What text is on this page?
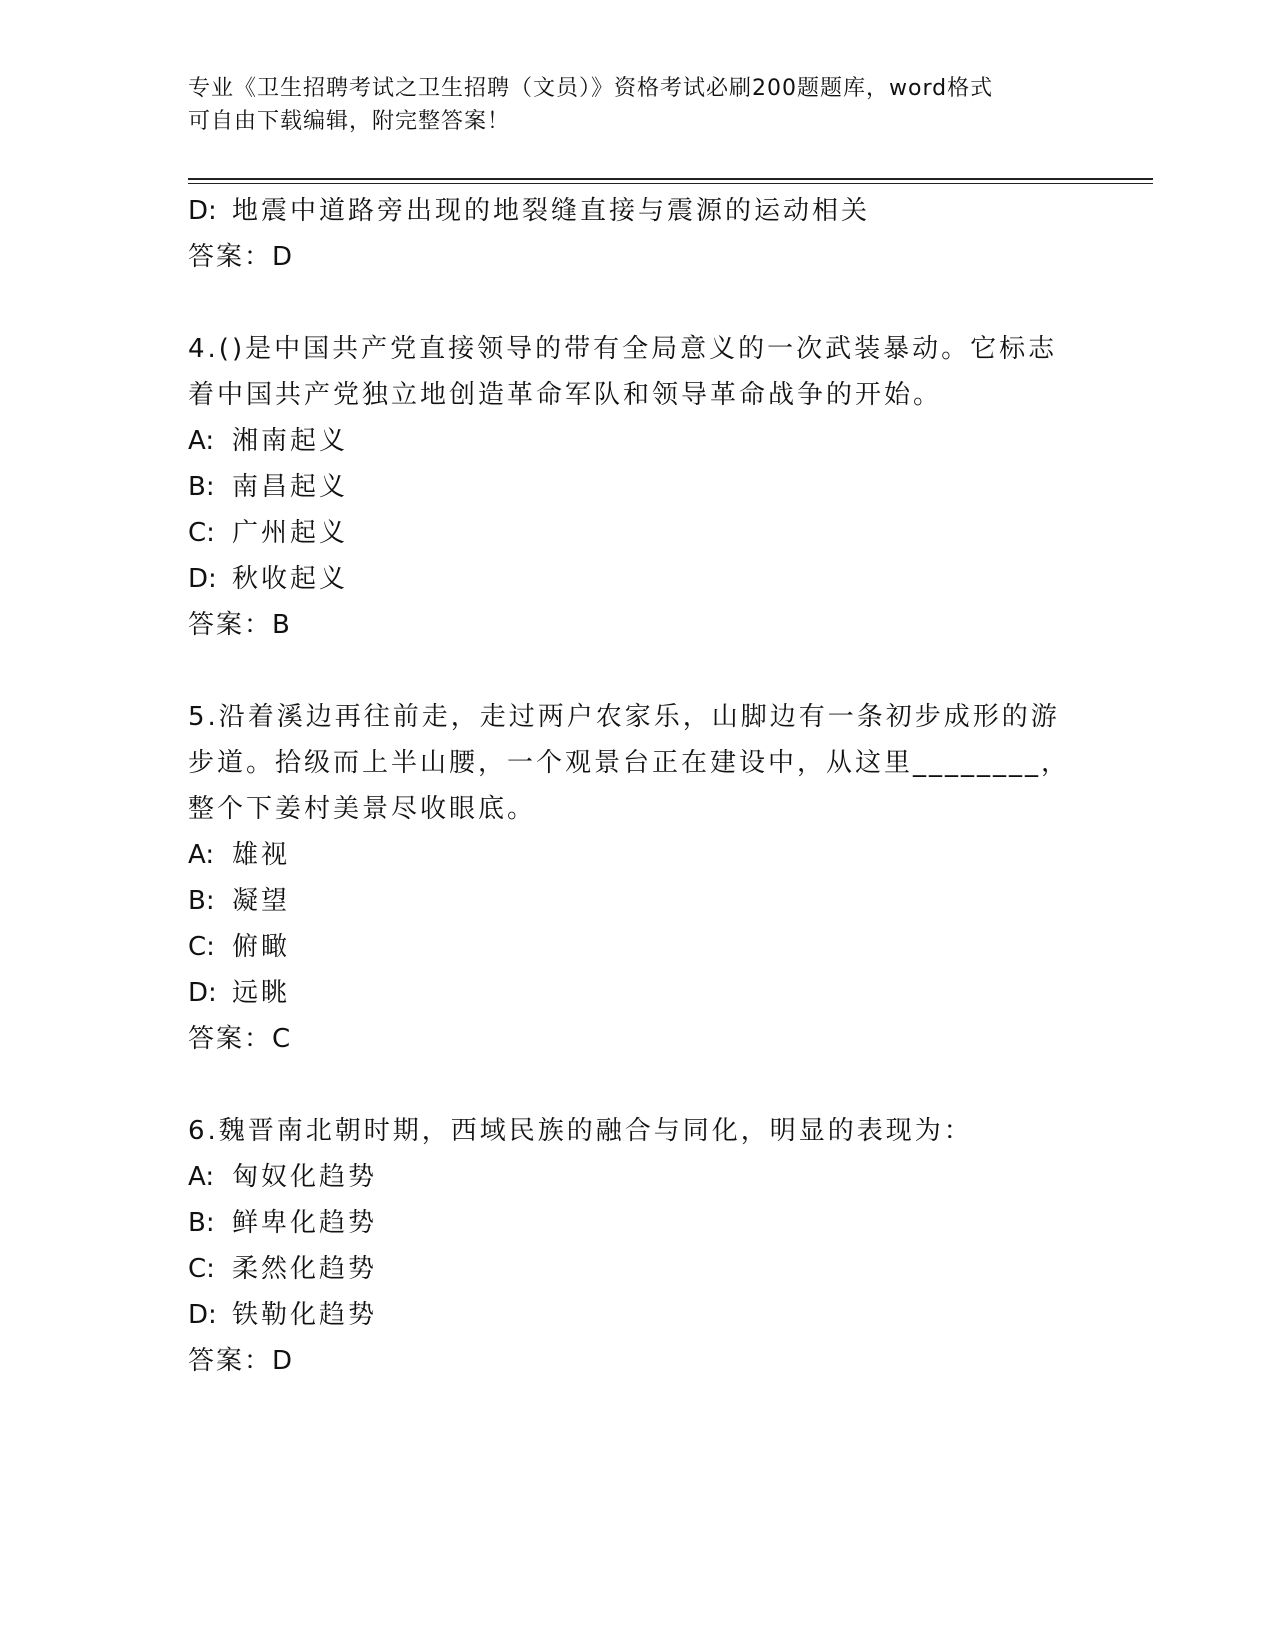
专业《卫生招聘考试之卫生招聘（文员）》资格考试必刷200题题库，word格式
可自由下载编辑，附完整答案！
D: 地震中道路旁出现的地裂缝直接与震源的运动相关
答案：D
4.()是中国共产党直接领导的带有全局意义的一次武装暴动。它标志
着中国共产党独立地创造革命军队和领导革命战争的开始。
A: 湘南起义
B: 南昌起义
C: 广州起义
D: 秋收起义
答案：B
5.沿着溪边再往前走，走过两户农家乐，山脚边有一条初步成形的游
步道。拾级而上半山腰，一个观景台正在建设中，从这里________，
整个下姜村美景尽收眼底。
A: 雄视
B: 凝望
C: 俯瞰
D: 远眺
答案：C
6.魏晋南北朝时期，西域民族的融合与同化，明显的表现为：
A: 匈奴化趋势
B: 鲜卑化趋势
C: 柔然化趋势
D: 铁勒化趋势
答案：D
